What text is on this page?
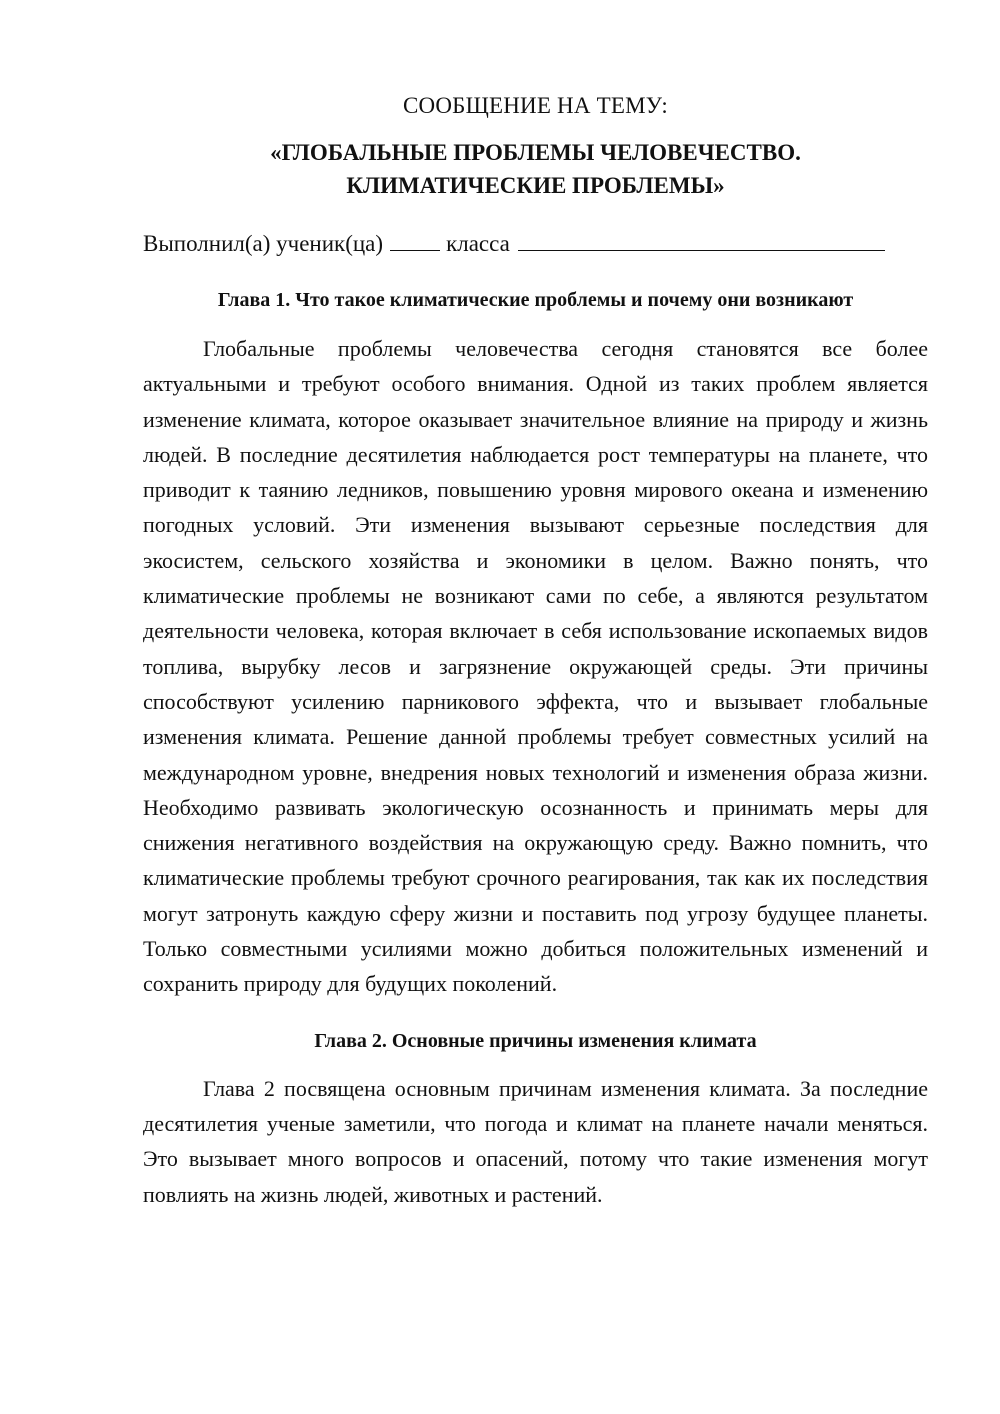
СООБЩЕНИЕ НА ТЕМУ:

«ГЛОБАЛЬНЫЕ ПРОБЛЕМЫ ЧЕЛОВЕЧЕСТВО.

КЛИМАТИЧЕСКИЕ ПРОБЛЕМЫ»

Выполнил(а) ученик(ца)	класса
Глава 1. Что такое климатические проблемы и почему они возникают

Глобальные проблемы человечества сегодня становятся все более актуальными и требуют особого внимания. Одной из таких проблем является изменение климата, которое оказывает значительное влияние на природу и жизнь людей. В последние десятилетия наблюдается рост температуры на планете, что приводит к таянию ледников, повышению уровня мирового океана и изменению погодных условий. Эти изменения вызывают серьезные последствия для экосистем, сельского хозяйства и экономики в целом. Важно понять, что климатические проблемы не возникают сами по себе, а являются результатом деятельности человека, которая включает в себя использование ископаемых видов топлива, вырубку лесов и загрязнение окружающей среды. Эти причины способствуют усилению парникового эффекта, что и вызывает глобальные изменения климата. Решение данной проблемы требует совместных усилий на международном уровне, внедрения новых технологий и изменения образа жизни. Необходимо развивать экологическую осознанность и принимать меры для снижения негативного воздействия на окружающую среду. Важно помнить, что климатические проблемы требуют срочного реагирования, так как их последствия могут затронуть каждую сферу жизни и поставить под угрозу будущее планеты. Только совместными усилиями можно добиться положительных изменений и сохранить природу для будущих поколений.

Глава 2. Основные причины изменения климата

Глава 2 посвящена основным причинам изменения климата. За последние десятилетия ученые заметили, что погода и климат на планете начали меняться. Это вызывает много вопросов и опасений, потому что такие изменения могут повлиять на жизнь людей, животных и растений.
